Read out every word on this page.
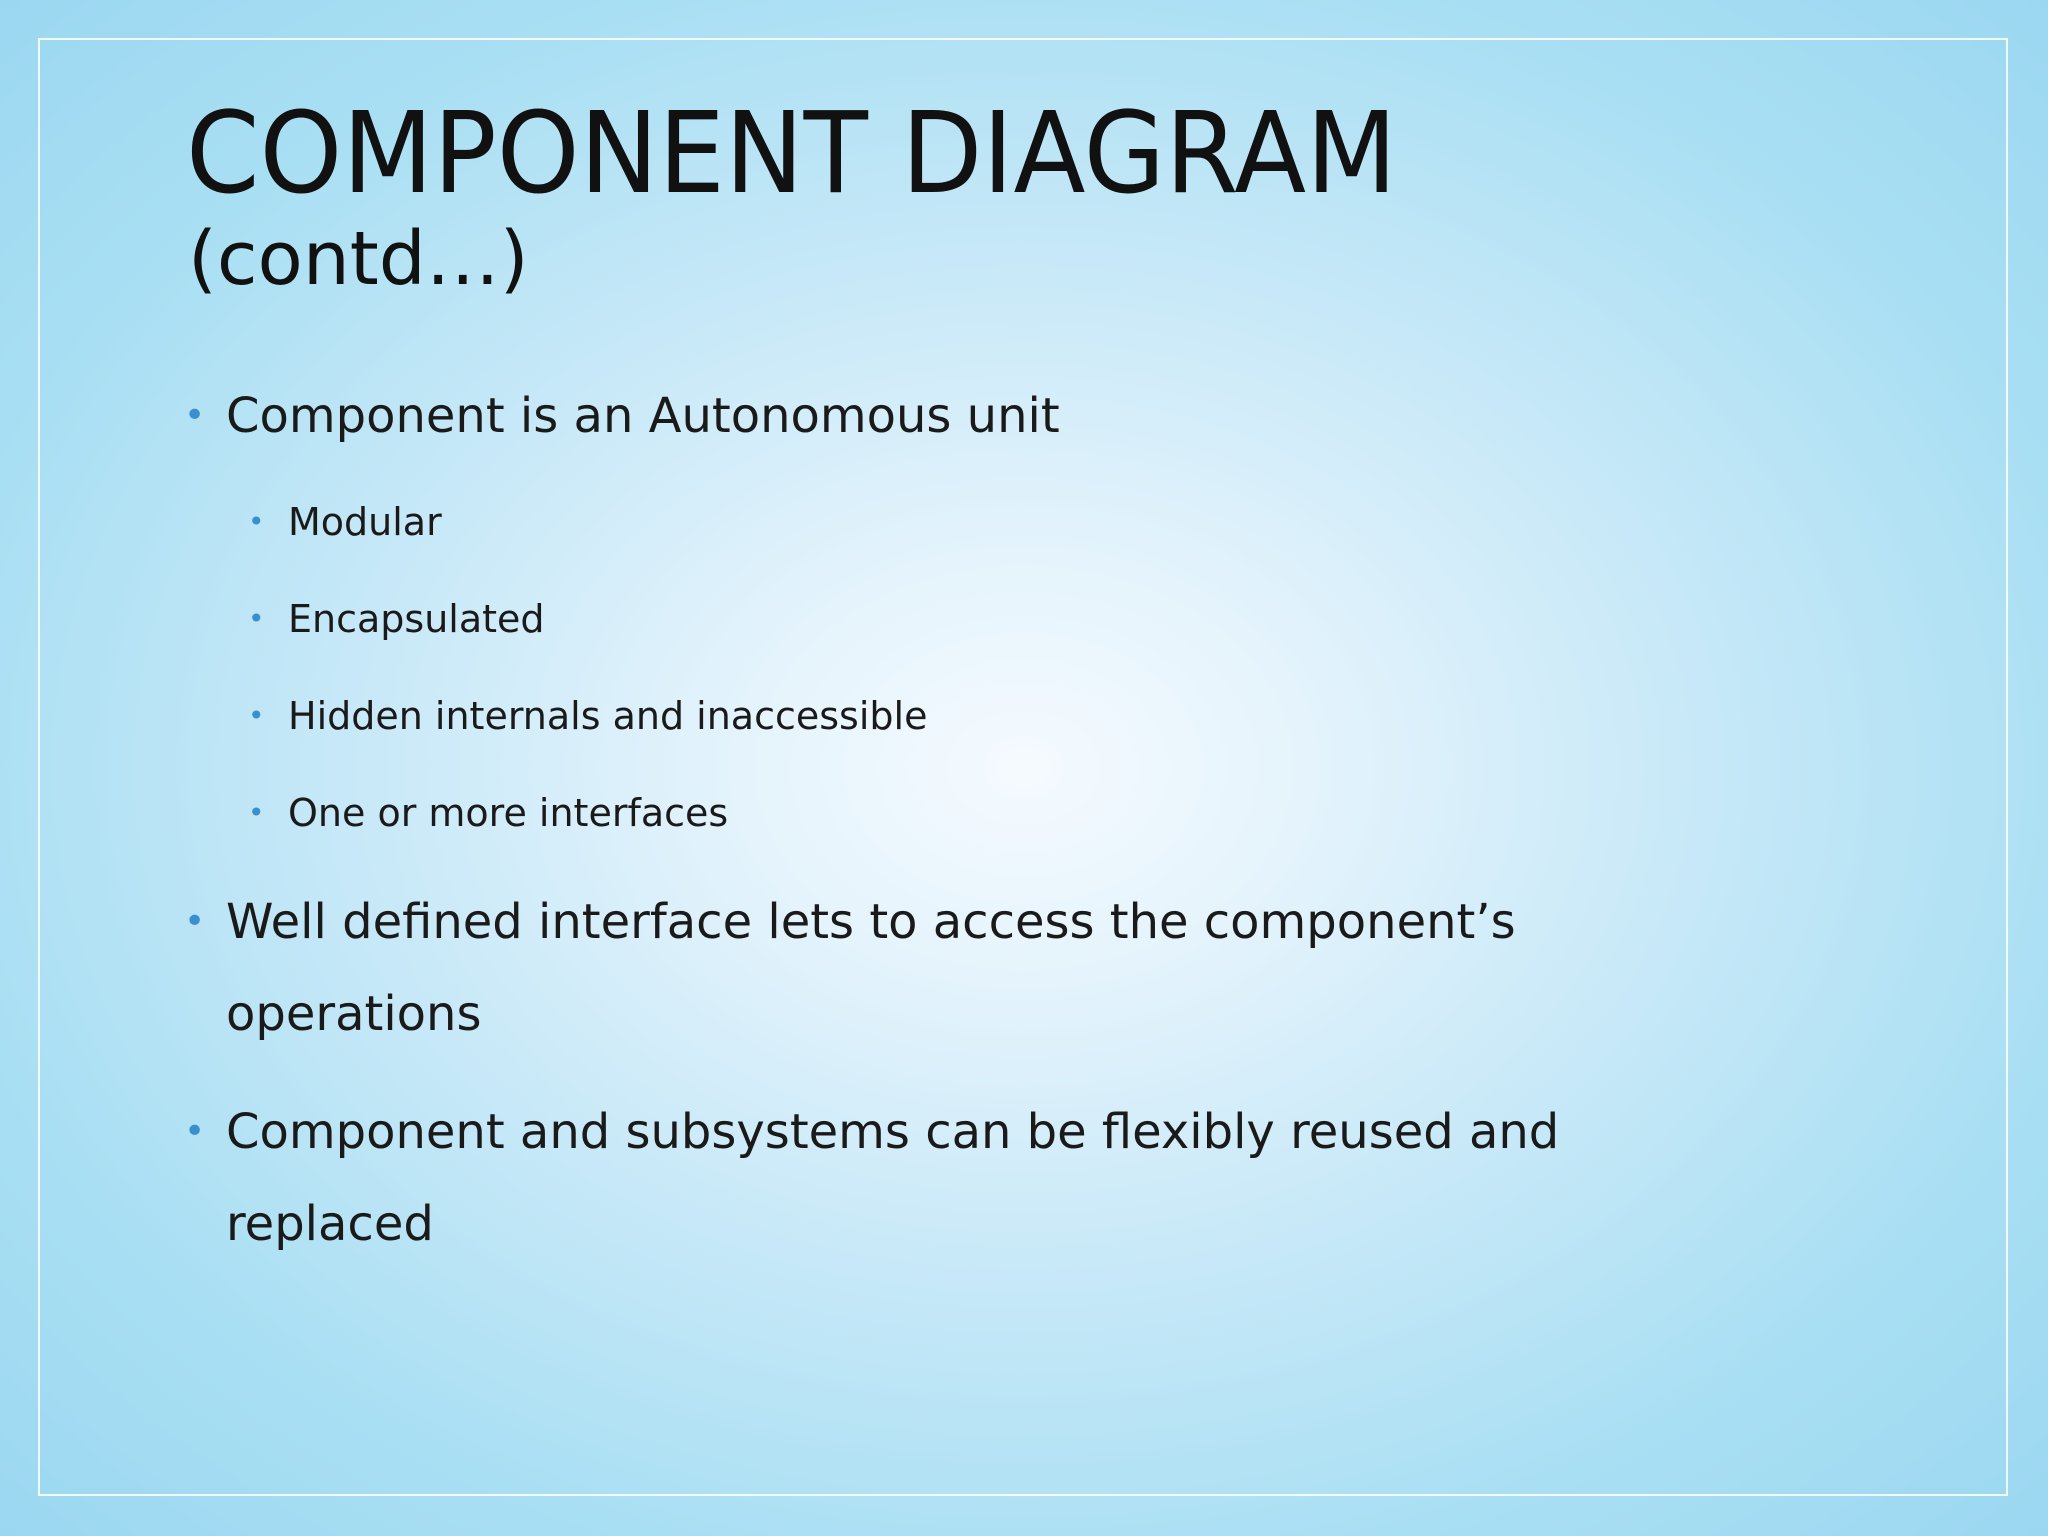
COMPONENT DIAGRAM
(contd…)
• Component is an Autonomous unit
• Modular
• Encapsulated
• Hidden internals and inaccessible
• One or more interfaces
• Well defined interface lets to access the component’s
operations
• Component and subsystems can be flexibly reused and
replaced
